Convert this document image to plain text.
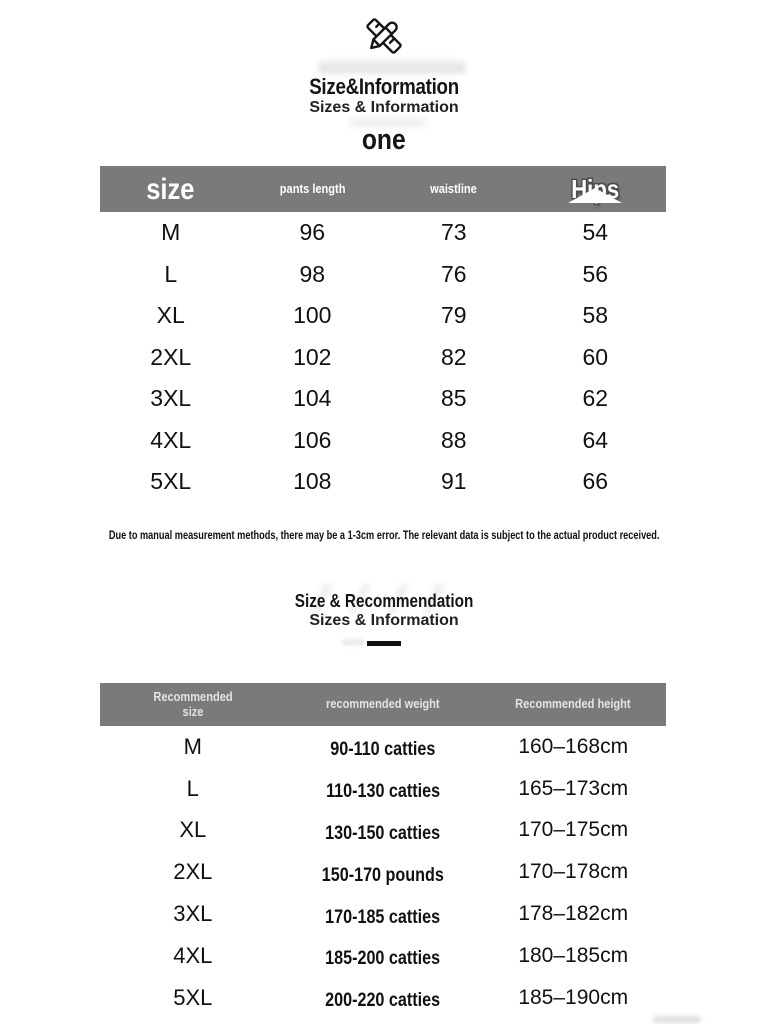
Size&Information
Sizes & Information
one
size	pants length	waistline	Hips
M	96	73	54
L	98	76	56
XL	100	79	58
2XL	102	82	60
3XL	104	85	62
4XL	106	88	64
5XL	108	91	66
Due to manual measurement methods, there may be a 1-3cm error. The relevant data is subject to the actual product received.
Size & Recommendation
Sizes & Information
Recommended size	recommended weight	Recommended height
M	90-110 catties	160–168cm
L	110-130 catties	165–173cm
XL	130-150 catties	170–175cm
2XL	150-170 pounds	170–178cm
3XL	170-185 catties	178–182cm
4XL	185-200 catties	180–185cm
5XL	200-220 catties	185–190cm
